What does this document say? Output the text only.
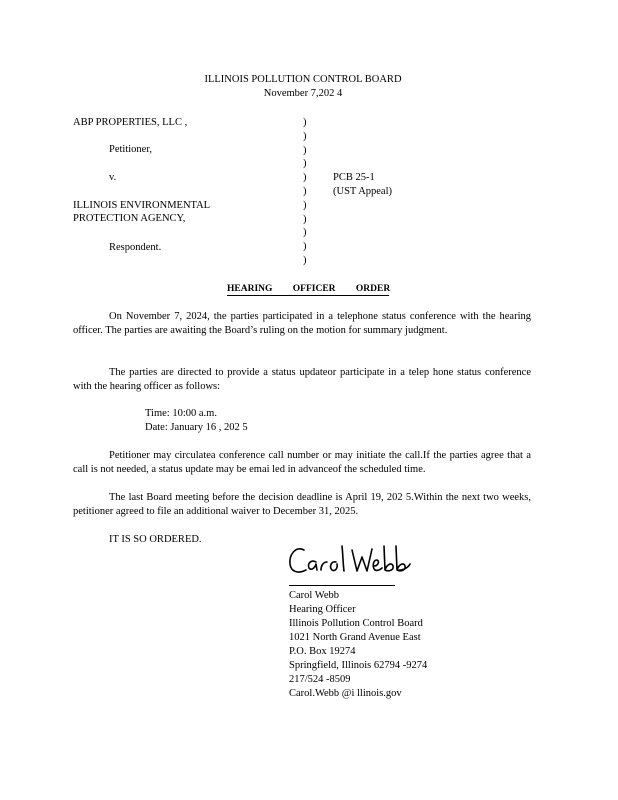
ILLINOIS POLLUTION CONTROL BOARD
November 7,202 4
ABP PROPERTIES, LLC ,
Petitioner,
v.
ILLINOIS ENVIRONMENTAL
PROTECTION AGENCY,
Respondent.
)
)
)
)
)
)
)
)
)
)
)
PCB 25-1
(UST Appeal)
HEARING OFFICER ORDER
On November 7, 2024, the parties participated in a telephone status conference with the hearing officer. The parties are awaiting the Board’s ruling on the motion for summary judgment.
The parties are directed to provide a status updateor participate in a telep hone status conference with the hearing officer as follows:
Time: 10:00 a.m.
Date: January 16 , 202 5
Petitioner may circulatea conference call number or may initiate the call.If the parties agree that a call is not needed, a status update may be emai led in advanceof the scheduled time.
The last Board meeting before the decision deadline is April 19, 202 5.Within the next two weeks, petitioner agreed to file an additional waiver to December 31, 2025.
IT IS SO ORDERED.	Carol Webb
Carol Webb
Hearing Officer
Illinois Pollution Control Board
1021 North Grand Avenue East
P.O. Box 19274
Springfield, Illinois 62794 -9274
217/524 -8509
Carol.Webb @i llinois.gov
